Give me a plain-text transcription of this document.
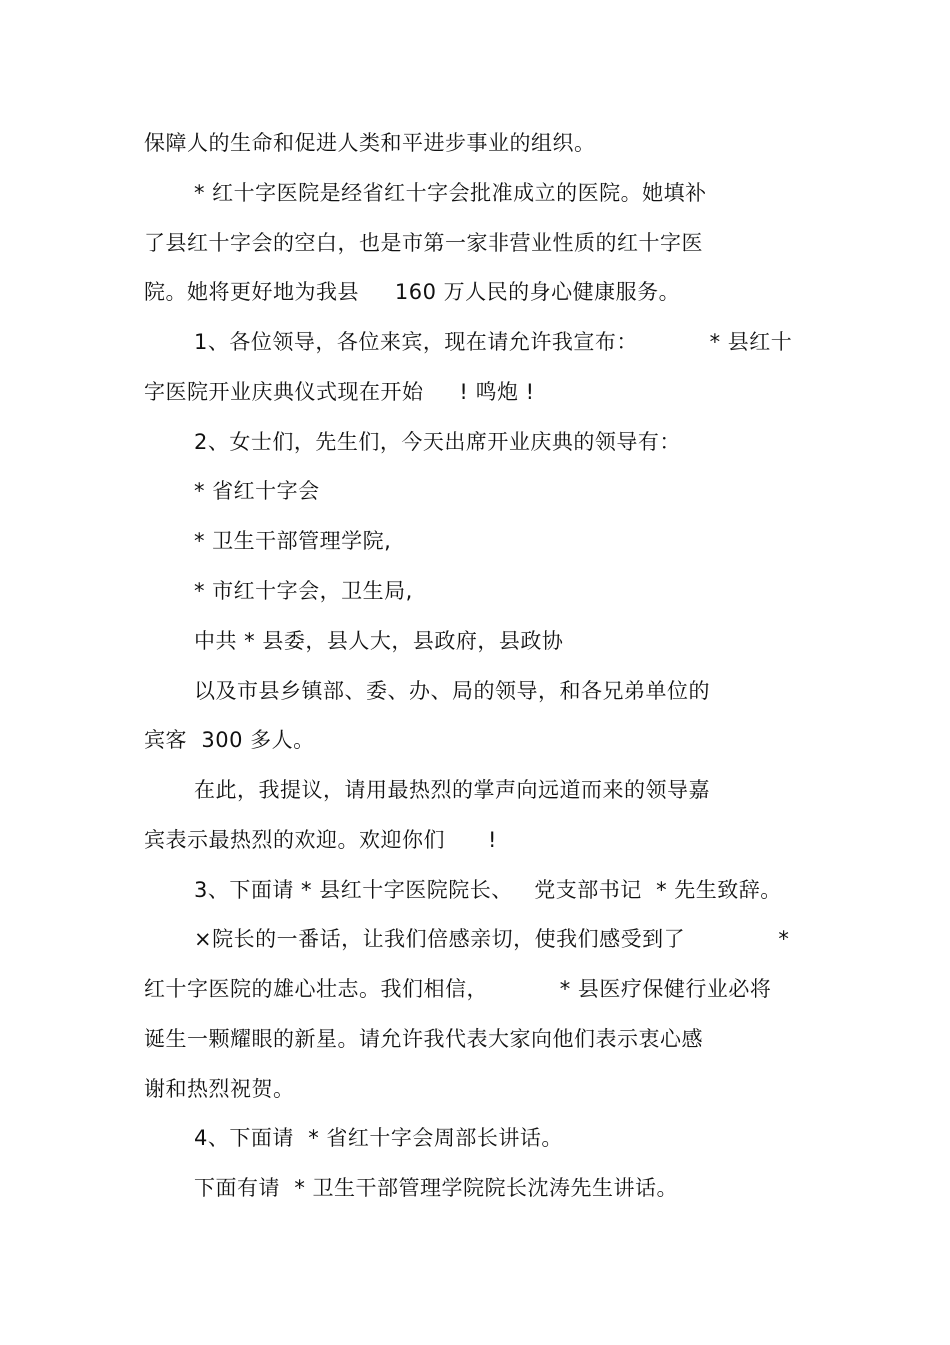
保障人的生命和促进人类和平进步事业的组织。
* 红十字医院是经省红十字会批准成立的医院。她填补
了县红十字会的空白，也是市第一家非营业性质的红十字医
院。她将更好地为我县     160 万人民的身心健康服务。
1、各位领导，各位来宾，现在请允许我宣布：          * 县红十
字医院开业庆典仪式现在开始     ! 鸣炮 !
2、女士们，先生们，今天出席开业庆典的领导有：
* 省红十字会
* 卫生干部管理学院,
* 市红十字会，卫生局,
中共 * 县委，县人大，县政府，县政协
以及市县乡镇部、委、办、局的领导，和各兄弟单位的
宾客  300 多人。
在此，我提议，请用最热烈的掌声向远道而来的领导嘉
宾表示最热烈的欢迎。欢迎你们      !
3、下面请 * 县红十字医院院长、   党支部书记  * 先生致辞。
×院长的一番话，让我们倍感亲切，使我们感受到了             *
红十字医院的雄心壮志。我们相信，          * 县医疗保健行业必将
诞生一颗耀眼的新星。请允许我代表大家向他们表示衷心感
谢和热烈祝贺。
4、下面请  * 省红十字会周部长讲话。
下面有请  * 卫生干部管理学院院长沈涛先生讲话。
